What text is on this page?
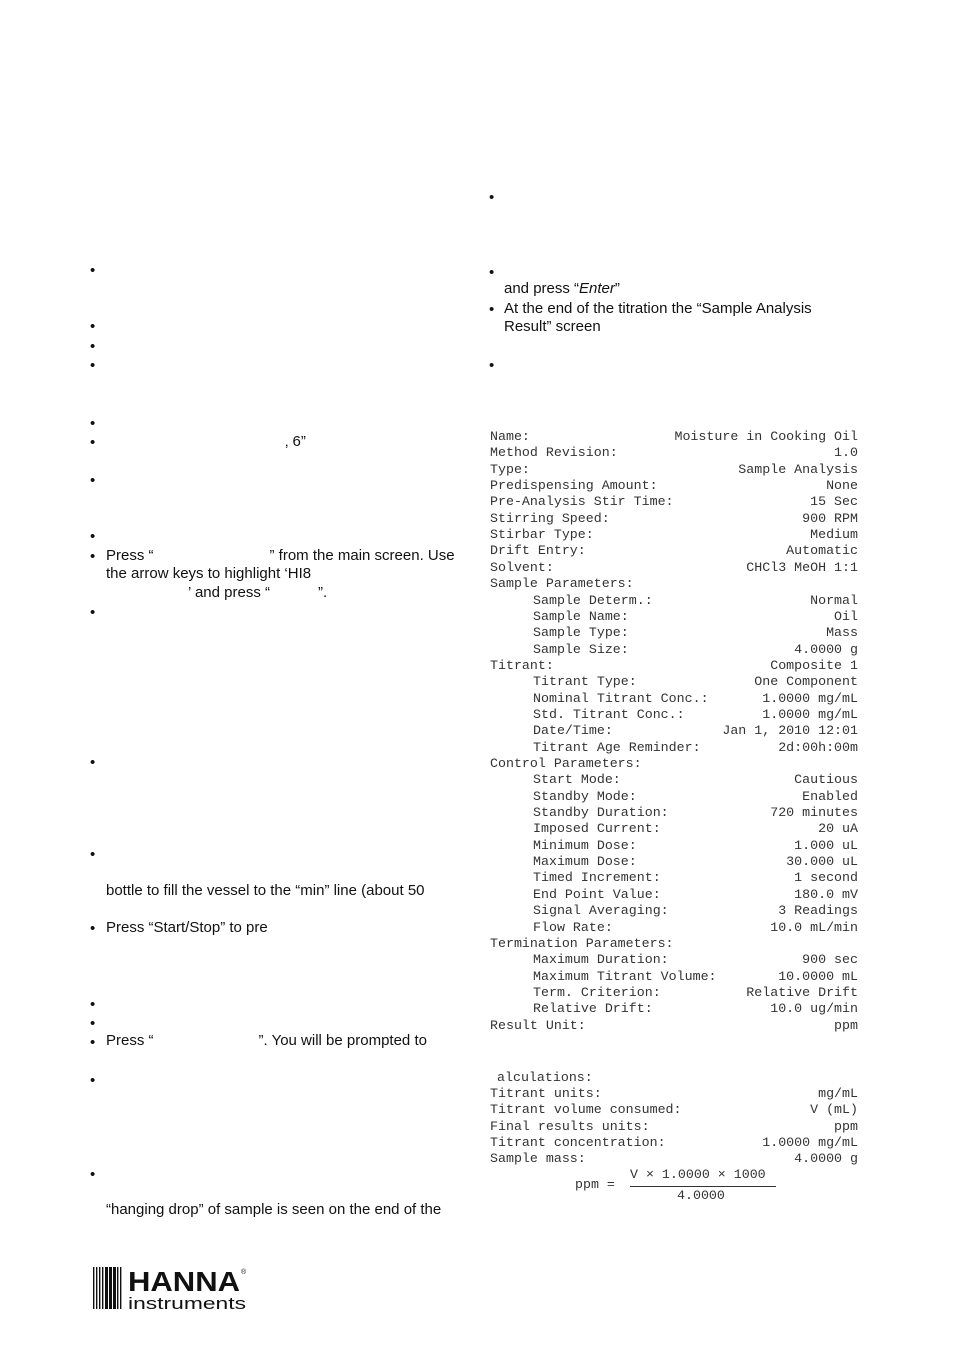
•
•
•
•
•
•	‚ 6”
•
•
• Press “	” from the main screen. Use
the arrow keys to highlight ‘HI8
’ and press “	”.
•
•
•
bottle to fill the vessel to the “min” line (about 50
• Press “Start/Stop” to pre
•
•
• Press “	”. You will be prompted to
•
•
“hanging drop” of sample is seen on the end of the
•
•
and press “Enter”
• At the end of the titration the “Sample Analysis
Result” screen
•
Name:	Moisture in Cooking Oil
Method Revision:	1.0
Type:	Sample Analysis
Predispensing Amount:	None
Pre-Analysis Stir Time:	15 Sec
Stirring Speed:	900 RPM
Stirbar Type:	Medium
Drift Entry:	Automatic
Solvent:	CHCl3 MeOH 1:1
Sample Parameters:
Sample Determ.:	Normal
Sample Name:	Oil
Sample Type:	Mass
Sample Size:	4.0000 g
Titrant:	Composite 1
Titrant Type:	One Component
Nominal Titrant Conc.:	1.0000 mg/mL
Std. Titrant Conc.:	1.0000 mg/mL
Date/Time:	Jan 1, 2010 12:01
Titrant Age Reminder:	2d:00h:00m
Control Parameters:
Start Mode:	Cautious
Standby Mode:	Enabled
Standby Duration:	720 minutes
Imposed Current:	20 uA
Minimum Dose:	1.000 uL
Maximum Dose:	30.000 uL
Timed Increment:	1 second
End Point Value:	180.0 mV
Signal Averaging:	3 Readings
Flow Rate:	10.0 mL/min
Termination Parameters:
Maximum Duration:	900 sec
Maximum Titrant Volume:	10.0000 mL
Term. Criterion:	Relative Drift
Relative Drift:	10.0 ug/min
Result Unit:	ppm
alculations:
Titrant units:	mg/mL
Titrant volume consumed:	V (mL)
Final results units:	ppm
Titrant concentration:	1.0000 mg/mL
Sample mass:	4.0000 g

ppm =

V × 1.0000 × 1000

4.0000

HANNA ®
instruments
